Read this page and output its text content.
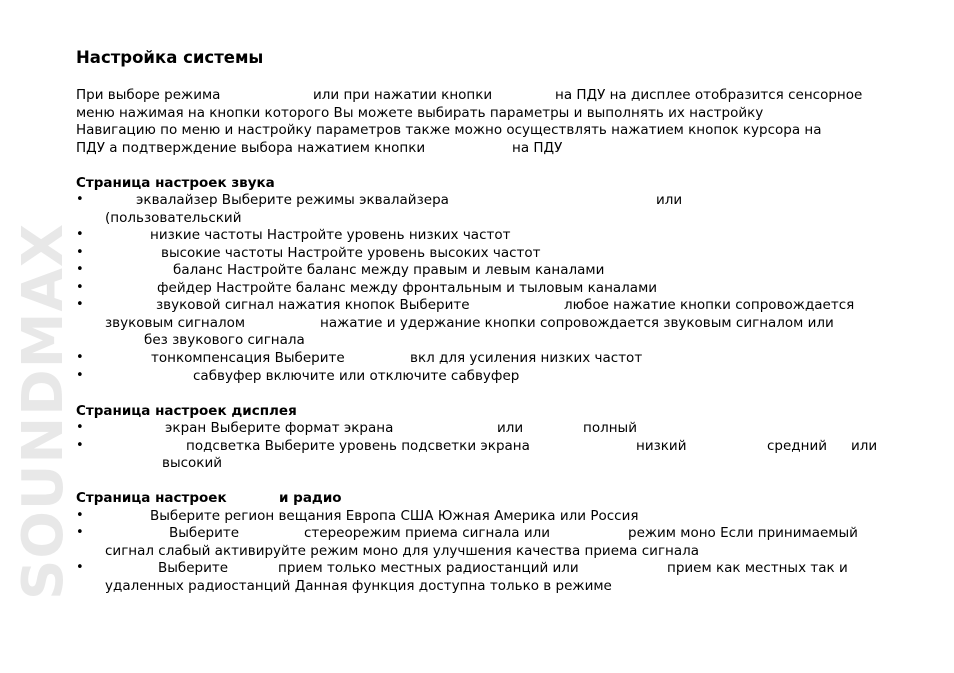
SOUNDMAX
Настройка системы
При выборе режима	или при нажатии кнопки	на ПДУ на дисплее отобразится сенсорное
меню нажимая на кнопки которого Вы можете выбирать параметры и выполнять их настройку
Навигацию по меню и настройку параметров также можно осуществлять нажатием кнопок курсора на
ПДУ а подтверждение выбора нажатием кнопки	на ПДУ
Страница настроек звука
•	эквалайзер Выберите режимы эквалайзера	или
(пользовательский
•	низкие частоты Настройте уровень низких частот
•	высокие частоты Настройте уровень высоких частот
•	баланс Настройте баланс между правым и левым каналами
•	фейдер Настройте баланс между фронтальным и тыловым каналами
•	звуковой сигнал нажатия кнопок Выберите	любое нажатие кнопки сопровождается
звуковым сигналом	нажатие и удержание кнопки сопровождается звуковым сигналом или
без звукового сигнала
•	тонкомпенсация Выберите	вкл для усиления низких частот
•	сабвуфер включите или отключите сабвуфер
Страница настроек дисплея
•	экран Выберите формат экрана	или	полный
•	подсветка Выберите уровень подсветки экрана	низкий	средний или
высокий
Страница настроек	и радио
•	Выберите регион вещания Европа США Южная Америка или Россия
•	Выберите	стереорежим приема сигнала или	режим моно Если принимаемый
сигнал слабый активируйте режим моно для улучшения качества приема сигнала
•	Выберите	прием только местных радиостанций или	прием как местных так и
удаленных радиостанций Данная функция доступна только в режиме
